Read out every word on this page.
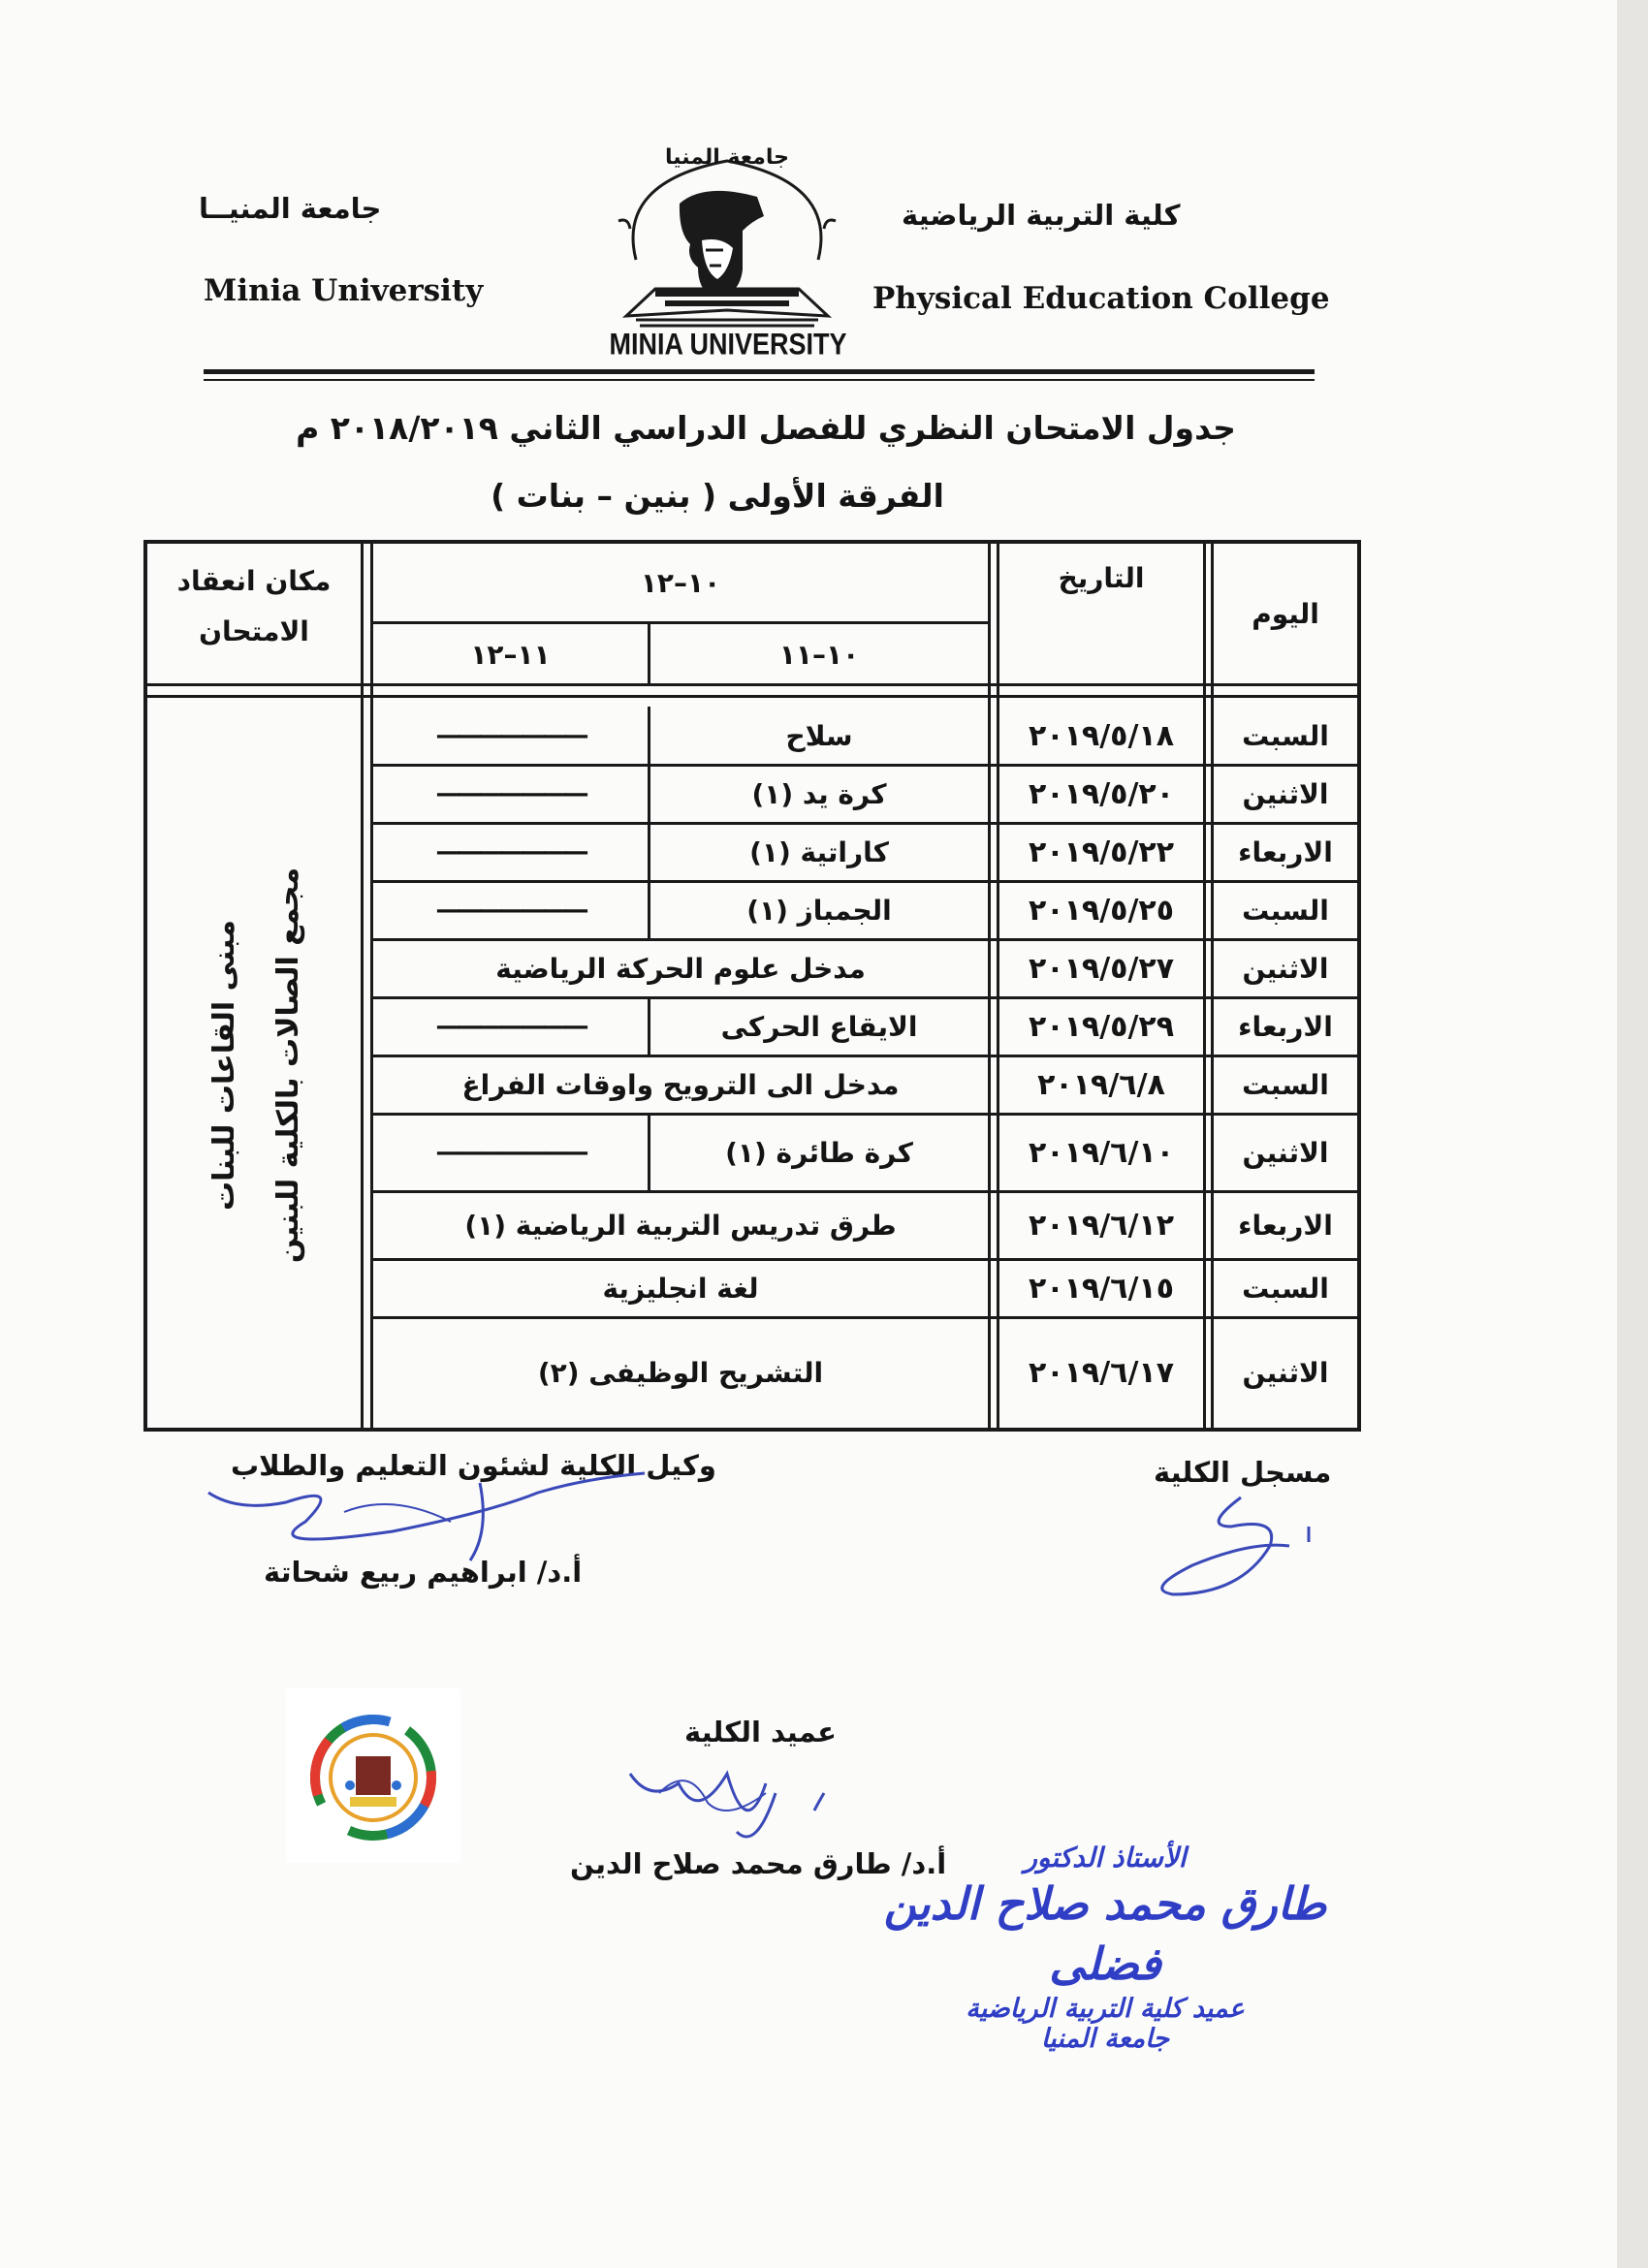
جامعة المنيــا
Minia University
كلية التربية الرياضية
Physical Education College
جامعة المنيا
MINIA UNIVERSITY
جدول الامتحان النظري للفصل الدراسي الثاني ٢٠١٨/٢٠١٩ م
الفرقة الأولى ( بنين – بنات )
اليوم
التاريخ
١٠–١٢
١٠–١١
١١–١٢
مكان انعقاد
الامتحان
السبت
٢٠١٩/٥/١٨
سلاح
———————
الاثنين
٢٠١٩/٥/٢٠
كرة يد (١)
———————
الاربعاء
٢٠١٩/٥/٢٢
كاراتية (١)
———————
السبت
٢٠١٩/٥/٢٥
الجمباز (١)
———————
الاثنين
٢٠١٩/٥/٢٧
مدخل علوم الحركة الرياضية
الاربعاء
٢٠١٩/٥/٢٩
الايقاع الحركى
———————
السبت
٢٠١٩/٦/٨
مدخل الى الترويح واوقات الفراغ
الاثنين
٢٠١٩/٦/١٠
كرة طائرة (١)
———————
الاربعاء
٢٠١٩/٦/١٢
طرق تدريس التربية الرياضية (١)
السبت
٢٠١٩/٦/١٥
لغة انجليزية
الاثنين
٢٠١٩/٦/١٧
التشريح الوظيفى (٢)
مبنى القاعات للبنات	مجمع الصالات بالكلية للبنين
مسجل الكلية
وكيل الكلية لشئون التعليم والطلاب
أ.د/ ابراهيم ربيع شحاتة
عميد الكلية
أ.د/ طارق محمد صلاح الدين	الأستاذ الدكتور
طارق محمد صلاح الدين فضلى
عميد كلية التربية الرياضية
جامعة المنيا
